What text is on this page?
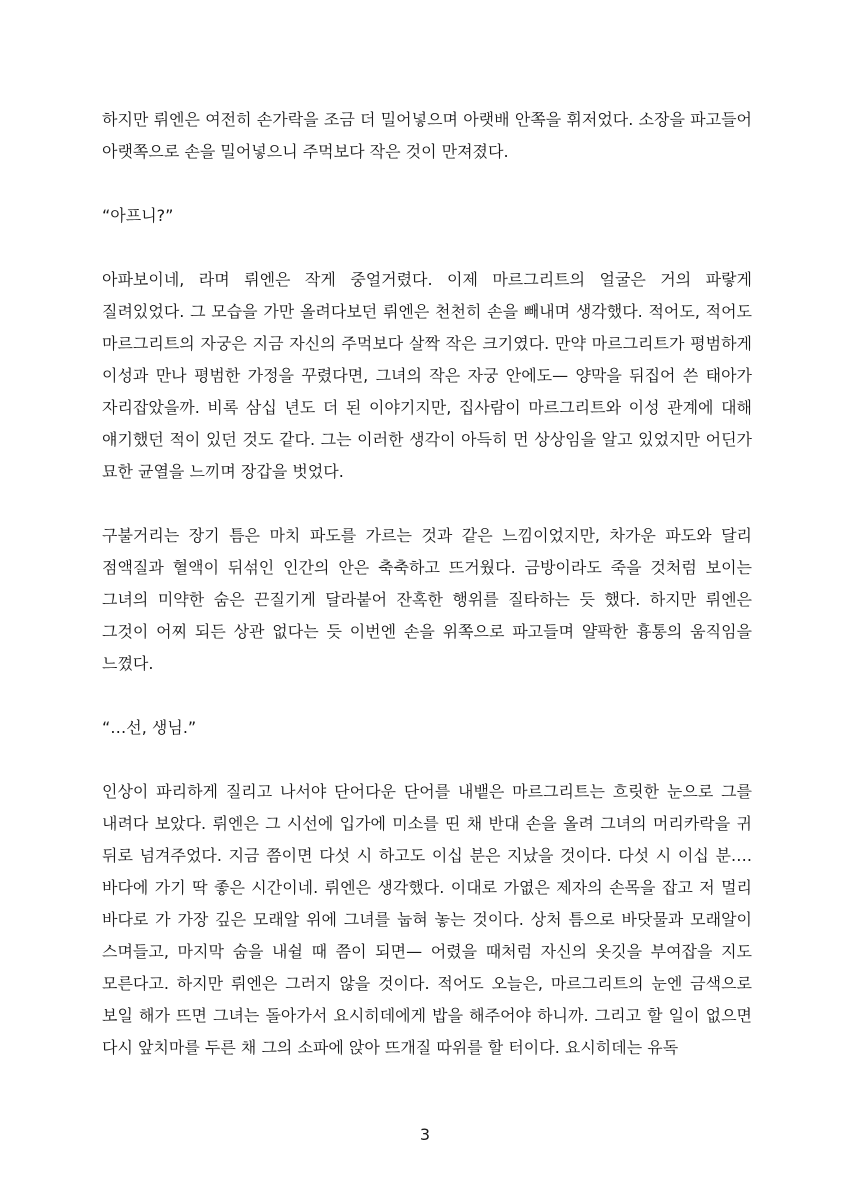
하지만 뤼엔은 여전히 손가락을 조금 더 밀어넣으며 아랫배 안쪽을 휘저었다. 소장을 파고들어 아랫쪽으로 손을 밀어넣으니 주먹보다 작은 것이 만져졌다.

“아프니?”

아파보이네, 라며 뤼엔은 작게 중얼거렸다. 이제 마르그리트의 얼굴은 거의 파랗게 질려있었다. 그 모습을 가만 올려다보던 뤼엔은 천천히 손을 빼내며 생각했다. 적어도, 적어도 마르그리트의 자궁은 지금 자신의 주먹보다 살짝 작은 크기였다. 만약 마르그리트가 평범하게 이성과 만나 평범한 가정을 꾸렸다면, 그녀의 작은 자궁 안에도— 양막을 뒤집어 쓴 태아가 자리잡았을까. 비록 삼십 년도 더 된 이야기지만, 집사람이 마르그리트와 이성 관계에 대해 얘기했던 적이 있던 것도 같다. 그는 이러한 생각이 아득히 먼 상상임을 알고 있었지만 어딘가 묘한 균열을 느끼며 장갑을 벗었다.

구불거리는 장기 틈은 마치 파도를 가르는 것과 같은 느낌이었지만, 차가운 파도와 달리 점액질과 혈액이 뒤섞인 인간의 안은 축축하고 뜨거웠다. 금방이라도 죽을 것처럼 보이는 그녀의 미약한 숨은 끈질기게 달라붙어 잔혹한 행위를 질타하는 듯 했다. 하지만 뤼엔은 그것이 어찌 되든 상관 없다는 듯 이번엔 손을 위쪽으로 파고들며 얄팍한 흉통의 움직임을 느꼈다.

“…선, 생님.”

인상이 파리하게 질리고 나서야 단어다운 단어를 내뱉은 마르그리트는 흐릿한 눈으로 그를 내려다 보았다. 뤼엔은 그 시선에 입가에 미소를 띤 채 반대 손을 올려 그녀의 머리카락을 귀 뒤로 넘겨주었다. 지금 쯤이면 다섯 시 하고도 이십 분은 지났을 것이다. 다섯 시 이십 분…. 바다에 가기 딱 좋은 시간이네. 뤼엔은 생각했다. 이대로 가엾은 제자의 손목을 잡고 저 멀리 바다로 가 가장 깊은 모래알 위에 그녀를 눕혀 놓는 것이다. 상처 틈으로 바닷물과 모래알이 스며들고, 마지막 숨을 내쉴 때 쯤이 되면— 어렸을 때처럼 자신의 옷깃을 부여잡을 지도 모른다고. 하지만 뤼엔은 그러지 않을 것이다. 적어도 오늘은, 마르그리트의 눈엔 금색으로 보일 해가 뜨면 그녀는 돌아가서 요시히데에게 밥을 해주어야 하니까. 그리고 할 일이 없으면 다시 앞치마를 두른 채 그의 소파에 앉아 뜨개질 따위를 할 터이다. 요시히데는 유독

3
